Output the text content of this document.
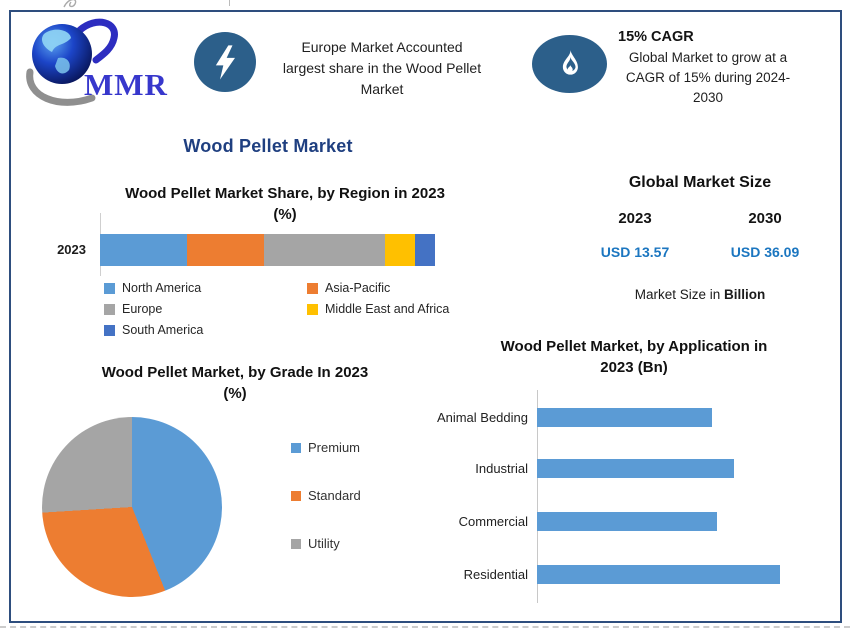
MMR
Europe Market Accounted
largest share in the Wood Pellet
Market
15% CAGR
Global Market to grow at a
CAGR of 15% during 2024-
2030
Wood Pellet Market
Wood Pellet Market Share, by Region in 2023
(%)
2023
North America	Asia-Pacific
Europe	Middle East and Africa
South America
Global Market Size
2023	2030
USD 13.57	USD 36.09
Market Size in Billion
Wood Pellet Market, by Grade In 2023
(%)
Premium
Standard
Utility
Wood Pellet Market, by Application in
2023 (Bn)
Animal Bedding
Industrial
Commercial
Residential
